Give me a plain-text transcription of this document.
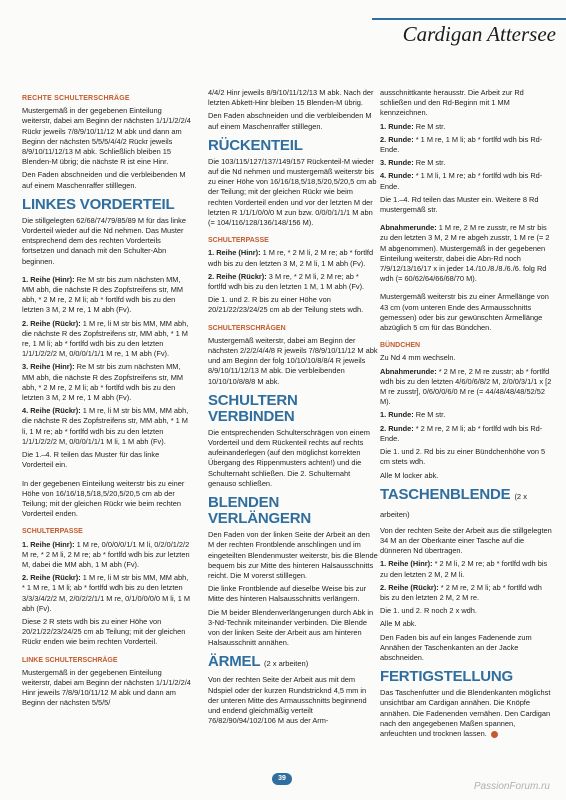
Cardigan Attersee
RECHTE SCHULTERSCHRÄGE

Mustergemäß in der gegebenen Einteilung weiterstr, dabei am Beginn der nächsten 1/1/1/2/2/4 Rückr jeweils 7/8/9/10/11/12 M abk und dann am Beginn der nächsten 5/5/5/4/4/2 Rückr jeweils 8/9/10/11/12/13 M abk. Schließlich bleiben 15 Blenden-M übrig; die nächste R ist eine Hinr.

Den Faden abschneiden und die verbleibenden M auf einem Maschenraffer stilllegen.

LINKES VORDERTEIL

Die stillgelegten 62/68/74/79/85/89 M für das linke Vorderteil wieder auf die Nd nehmen. Das Muster entsprechend dem des rechten Vorderteils fortsetzen und danach mit den Schulter-Abn beginnen.

1. Reihe (Hinr): Re M str bis zum nächsten MM, MM abh, die nächste R des Zopfstreifens str, MM abh, * 2 M re, 2 M li; ab * fortlfd wdh bis zu den letzten 3 M, 2 M re, 1 M abh (Fv).

2. Reihe (Rückr): 1 M re, li M str bis MM, MM abh, die nächste R des Zopfstreifens str, MM abh, * 1 M re, 1 M li; ab * fortlfd wdh bis zu den letzten 1/1/1/2/2/2 M, 0/0/0/1/1/1 M re, 1 M abh (Fv).

3. Reihe (Hinr): Re M str bis zum nächsten MM, MM abh, die nächste R des Zopfstreifens str, MM abh, * 2 M re, 2 M li; ab * fortlfd wdh bis zu den letzten 3 M, 2 M re, 1 M abh (Fv).

4. Reihe (Rückr): 1 M re, li M str bis MM, MM abh, die nächste R des Zopfstreifens str, MM abh, * 1 M li, 1 M re; ab * fortlfd wdh bis zu den letzten 1/1/1/2/2/2 M, 0/0/0/1/1/1 M li, 1 M abh (Fv).

Die 1.–4. R teilen das Muster für das linke Vorderteil ein.

In der gegebenen Einteilung weiterstr bis zu einer Höhe von 16/16/18,5/18,5/20,5/20,5 cm ab der Teilung; mit der gleichen Rückr wie beim rechten Vorderteil enden.

SCHULTERPASSE

1. Reihe (Hinr): 1 M re, 0/0/0/0/1/1 M li, 0/2/0/1/2/2 M re, * 2 M li, 2 M re; ab * fortlfd wdh bis zur letzten M, dabei die MM abh, 1 M abh (Fv).

2. Reihe (Rückr): 1 M re, li M str bis MM, MM abh, * 1 M re, 1 M li; ab * fortlfd wdh bis zu den letzten 3/3/3/4/2/2 M, 2/0/2/2/1/1 M re, 0/1/0/0/0/0 M li, 1 M abh (Fv).

Diese 2 R stets wdh bis zu einer Höhe von 20/21/22/23/24/25 cm ab Teilung; mit der gleichen Rückr enden wie beim rechten Vorderteil.

LINKE SCHULTERSCHRÄGE

Mustergemäß in der gegebenen Einteilung weiterstr, dabei am Beginn der nächsten 1/1/1/2/2/4 Hinr jeweils 7/8/9/10/11/12 M abk und dann am Beginn der nächsten 5/5/5/

4/4/2 Hinr jeweils 8/9/10/11/12/13 M abk. Nach der letzten Abkett-Hinr bleiben 15 Blenden-M übrig.

Den Faden abschneiden und die verbleibenden M auf einem Maschenraffer stilllegen.

RÜCKENTEIL

Die 103/115/127/137/149/157 Rückenteil-M wieder auf die Nd nehmen und mustergemäß weiterstr bis zu einer Höhe von 16/16/18,5/18,5/20,5/20,5 cm ab der Teilung; mit der gleichen Rückr wie beim rechten Vorderteil enden und vor der letzten M der letzten R 1/1/1/0/0/0 M zun bzw. 0/0/0/1/1/1 M abn (= 104/116/128/136/148/156 M).

SCHULTERPASSE

1. Reihe (Hinr): 1 M re, * 2 M li, 2 M re; ab * fortlfd wdh bis zu den letzten 3 M, 2 M li, 1 M abh (Fv).

2. Reihe (Rückr): 3 M re, * 2 M li, 2 M re; ab * fortlfd wdh bis zu den letzten 1 M, 1 M abh (Fv).

Die 1. und 2. R bis zu einer Höhe von 20/21/22/23/24/25 cm ab der Teilung stets wdh.

SCHULTERSCHRÄGEN

Mustergemäß weiterstr, dabei am Beginn der nächsten 2/2/2/4/4/8 R jeweils 7/8/9/10/11/12 M abk und am Beginn der folg 10/10/10/8/8/4 R jeweils 8/9/10/11/12/13 M abk. Die verbleibenden 10/10/10/8/8/8 M abk.

SCHULTERN VERBINDEN

Die entsprechenden Schulterschrägen von einem Vorderteil und dem Rückenteil rechts auf rechts aufeinanderlegen (auf den möglichst korrekten Übergang des Rippenmusters achten!) und die Schulternaht schließen. Die 2. Schulternaht genauso schließen.

BLENDEN VERLÄNGERN

Den Faden von der linken Seite der Arbeit an den M der rechten Frontblende anschlingen und im eingeteilten Blendenmuster weiterstr, bis die Blende bequem bis zur Mitte des hinteren Halsausschnitts reicht. Die M vorerst stilllegen.

Die linke Frontblende auf dieselbe Weise bis zur Mitte des hinteren Halsausschnitts verlängern.

Die M beider Blendenverlängerungen durch Abk in 3-Nd-Technik miteinander verbinden. Die Blende von der linken Seite der Arbeit aus am hinteren Halsausschnitt annähen.

ÄRMEL (2 x arbeiten)

Von der rechten Seite der Arbeit aus mit dem Ndspiel oder der kurzen Rundstricknd 4,5 mm in der unteren Mitte des Armausschnitts beginnend und endend gleichmäßig verteilt 76/82/90/94/102/106 M aus der Arm-

ausschnittkante herausstr. Die Arbeit zur Rd schließen und den Rd-Beginn mit 1 MM kennzeichnen.

1. Runde: Re M str.

2. Runde: * 1 M re, 1 M li; ab * fortlfd wdh bis Rd-Ende.

3. Runde: Re M str.

4. Runde: * 1 M li, 1 M re; ab * fortlfd wdh bis Rd-Ende.

Die 1.–4. Rd teilen das Muster ein. Weitere 8 Rd mustergemäß str.

Abnahmerunde: 1 M re, 2 M re zusstr, re M str bis zu den letzten 3 M, 2 M re abgeh zusstr, 1 M re (= 2 M abgenommen). Mustergemäß in der gegebenen Einteilung weiterstr, dabei die Abn-Rd noch 7/9/12/13/16/17 x in jeder 14./10./8./8./6./6. folg Rd wdh (= 60/62/64/66/68/70 M).

Mustergemäß weiterstr bis zu einer Ärmellänge von 43 cm (vom unteren Ende des Armausschnitts gemessen) oder bis zur gewünschten Ärmellänge abzüglich 5 cm für das Bündchen.

BÜNDCHEN

Zu Nd 4 mm wechseln.

Abnahmerunde: * 2 M re, 2 M re zusstr; ab * fortlfd wdh bis zu den letzten 4/6/0/6/8/2 M, 2/0/0/3/1/1 x [2 M re zusstr], 0/6/0/0/6/0 M re (= 44/48/48/48/52/52 M).

1. Runde: Re M str.

2. Runde: * 2 M re, 2 M li; ab * fortlfd wdh bis Rd-Ende.

Die 1. und 2. Rd bis zu einer Bündchenhöhe von 5 cm stets wdh.

Alle M locker abk.

TASCHENBLENDE (2 x arbeiten)

Von der rechten Seite der Arbeit aus die stillgelegten 34 M an der Oberkante einer Tasche auf die dünneren Nd übertragen.

1. Reihe (Hinr): * 2 M li, 2 M re; ab * fortlfd wdh bis zu den letzten 2 M, 2 M li.

2. Reihe (Rückr): * 2 M re, 2 M li; ab * fortlfd wdh bis zu den letzten 2 M, 2 M re.

Die 1. und 2. R noch 2 x wdh.

Alle M abk.

Den Faden bis auf ein langes Fadenende zum Annähen der Taschenkanten an der Jacke abschneiden.

FERTIGSTELLUNG

Das Taschenfutter und die Blendenkanten möglichst unsichtbar am Cardigan annähen. Die Knöpfe annähen. Die Fadenenden vernähen. Den Cardigan nach den angegebenen Maßen spannen, anfeuchten und trocknen lassen.

39
PassionForum.ru
